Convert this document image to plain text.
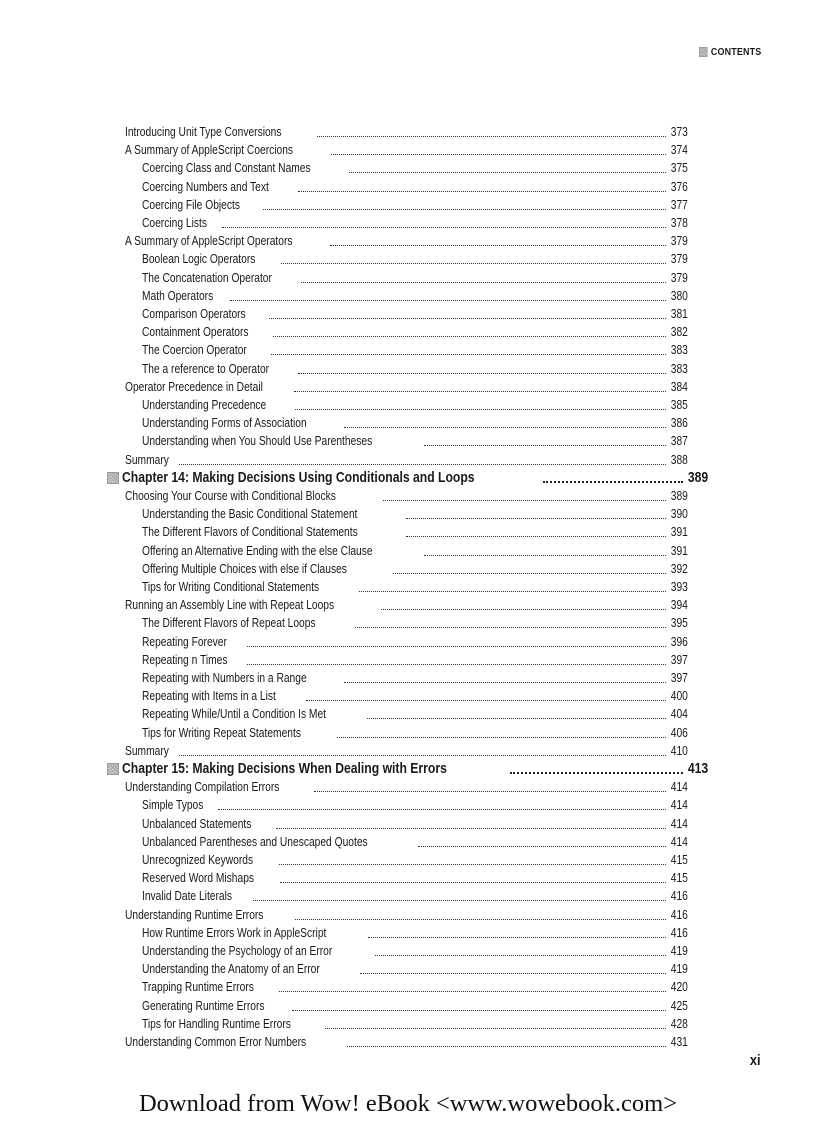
CONTENTS
Introducing Unit Type Conversions	373
A Summary of AppleScript Coercions	374
Coercing Class and Constant Names	375
Coercing Numbers and Text	376
Coercing File Objects	377
Coercing Lists	378
A Summary of AppleScript Operators	379
Boolean Logic Operators	379
The Concatenation Operator	379
Math Operators	380
Comparison Operators	381
Containment Operators	382
The Coercion Operator	383
The a reference to Operator	383
Operator Precedence in Detail	384
Understanding Precedence	385
Understanding Forms of Association	386
Understanding when You Should Use Parentheses	387
Summary	388
Chapter 14: Making Decisions Using Conditionals and Loops	389
Choosing Your Course with Conditional Blocks	389
Understanding the Basic Conditional Statement	390
The Different Flavors of Conditional Statements	391
Offering an Alternative Ending with the else Clause	391
Offering Multiple Choices with else if Clauses	392
Tips for Writing Conditional Statements	393
Running an Assembly Line with Repeat Loops	394
The Different Flavors of Repeat Loops	395
Repeating Forever	396
Repeating n Times	397
Repeating with Numbers in a Range	397
Repeating with Items in a List	400
Repeating While/Until a Condition Is Met	404
Tips for Writing Repeat Statements	406
Summary	410
Chapter 15: Making Decisions When Dealing with Errors	413
Understanding Compilation Errors	414
Simple Typos	414
Unbalanced Statements	414
Unbalanced Parentheses and Unescaped Quotes	414
Unrecognized Keywords	415
Reserved Word Mishaps	415
Invalid Date Literals	416
Understanding Runtime Errors	416
How Runtime Errors Work in AppleScript	416
Understanding the Psychology of an Error	419
Understanding the Anatomy of an Error	419
Trapping Runtime Errors	420
Generating Runtime Errors	425
Tips for Handling Runtime Errors	428
Understanding Common Error Numbers	431
xi
Download from Wow! eBook <www.wowebook.com>
